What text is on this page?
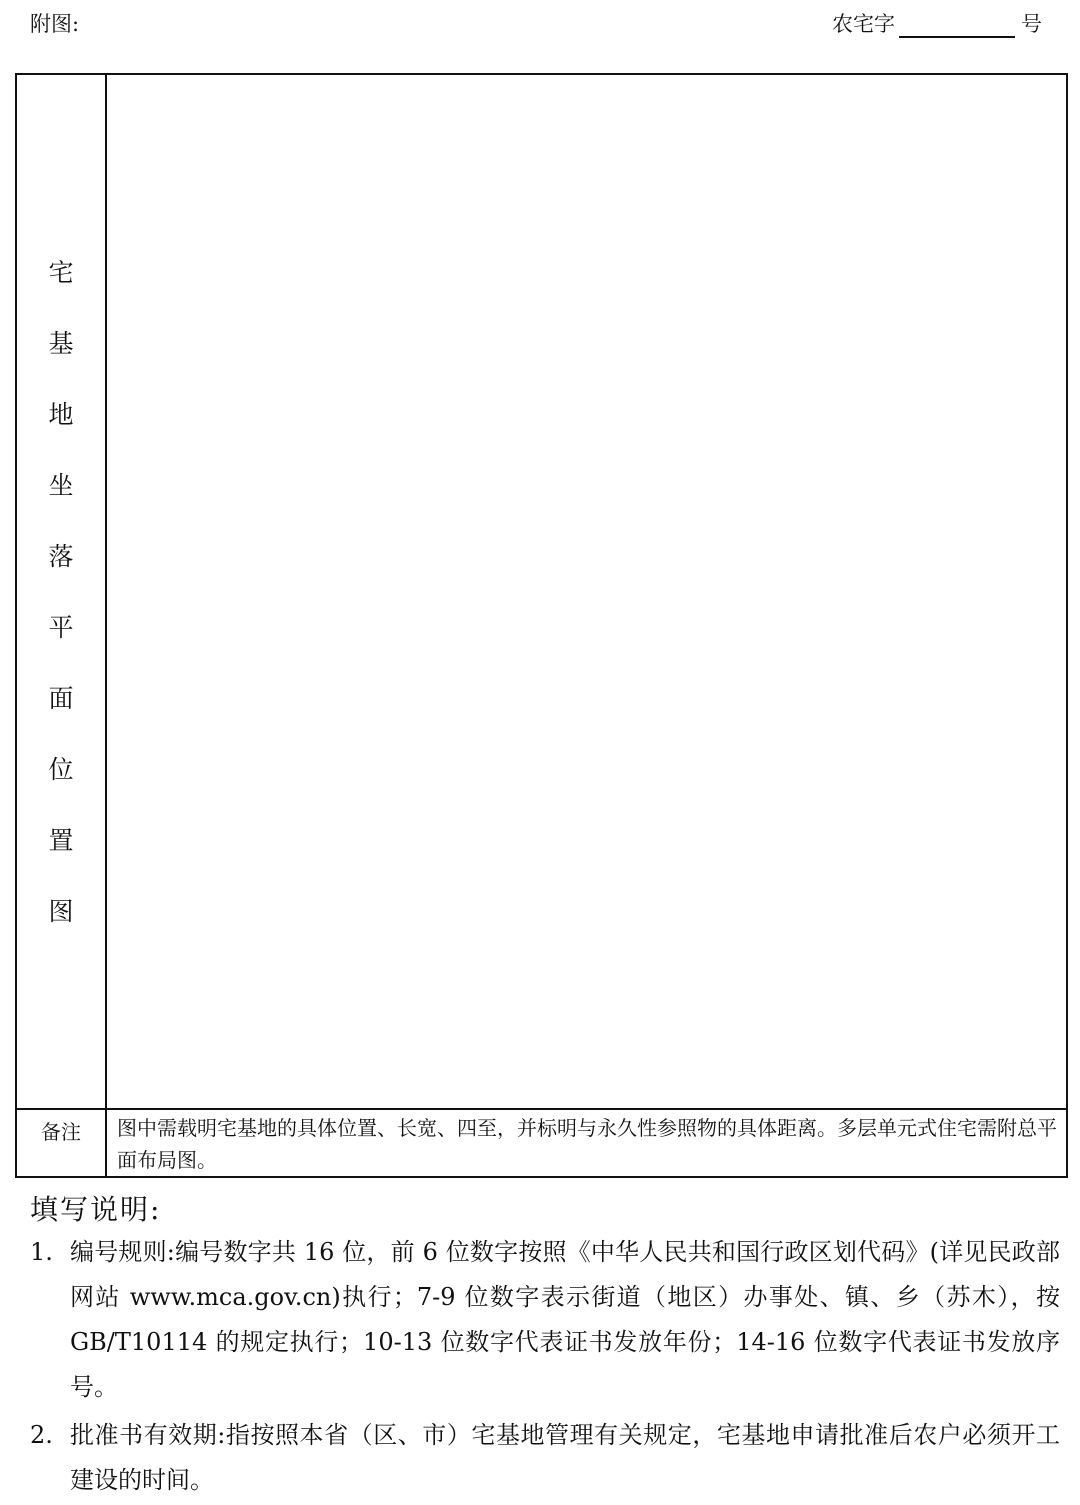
附图:	农宅字	号
宅
基
地
坐
落
平
面
位
置
图
备注	图中需载明宅基地的具体位置、长宽、四至，并标明与永久性参照物的具体距离。多层单元式住宅需附总平面布局图。
填写说明:
1. 编号规则:编号数字共 16 位，前 6 位数字按照《中华人民共和国行政区划代码》(详见民政部网站 www.mca.gov.cn)执行；7-9 位数字表示街道（地区）办事处、镇、乡（苏木），按 GB/T10114 的规定执行；10-13 位数字代表证书发放年份；14-16 位数字代表证书发放序号。
2. 批准书有效期:指按照本省（区、市）宅基地管理有关规定，宅基地申请批准后农户必须开工建设的时间。
